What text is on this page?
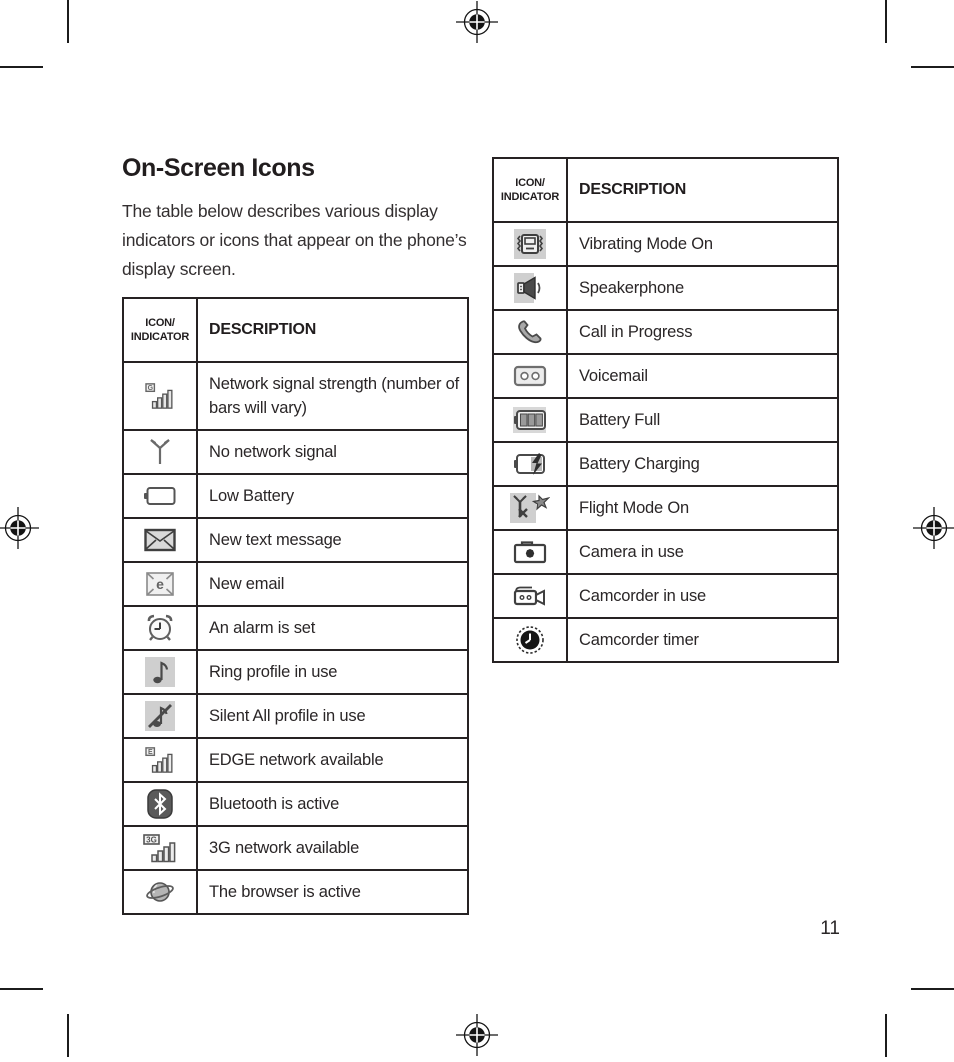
On-Screen Icons
The table below describes various display indicators or icons that appear on the phone’s display screen.
ICON/
INDICATOR	DESCRIPTION

G	Network signal strength (number of bars will vary)
	No network signal
	Low Battery
	New text message

e	New email
	An alarm is set
	Ring profile in use
	Silent All profile in use

E	EDGE network available
	Bluetooth is active

3G	3G network available
	The browser is active
ICON/
INDICATOR	DESCRIPTION
	Vibrating Mode On
	Speakerphone
	Call in Progress
	Voicemail
	Battery Full
	Battery Charging
	Flight Mode On
	Camera in use
	Camcorder in use
	Camcorder timer
11
